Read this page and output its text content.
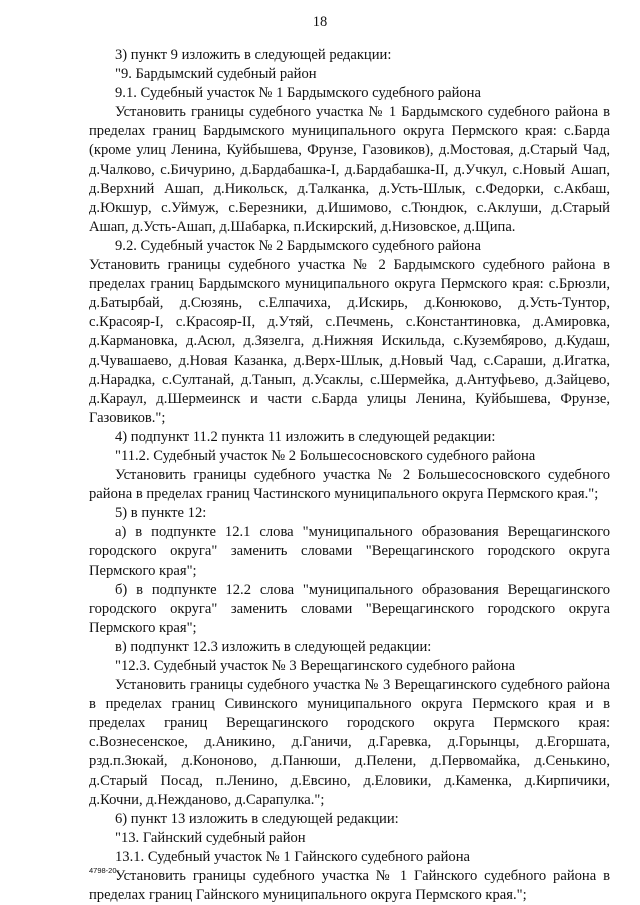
18

3) пункт 9 изложить в следующей редакции:

"9. Бардымский судебный район

9.1. Судебный участок № 1 Бардымского судебного района

Установить границы судебного участка № 1 Бардымского судебного района в пределах границ Бардымского муниципального округа Пермского края: с.Барда (кроме улиц Ленина, Куйбышева, Фрунзе, Газовиков), д.Мостовая, д.Старый Чад, д.Чалково, с.Бичурино, д.Бардабашка-I, д.Бардабашка-II, д.Учкул, с.Новый Ашап, д.Верхний Ашап, д.Никольск, д.Талканка, д.Усть-Шлык, с.Федорки, с.Акбаш, д.Юкшур, с.Уймуж, с.Березники, д.Ишимово, с.Тюндюк, с.Аклуши, д.Старый Ашап, д.Усть-Ашап, д.Шабарка, п.Искирский, д.Низовское, д.Щипа.

9.2. Судебный участок № 2 Бардымского судебного района

Установить границы судебного участка № 2 Бардымского судебного района в пределах границ Бардымского муниципального округа Пермского края: с.Брюзли, д.Батырбай, д.Сюзянь, с.Елпачиха, д.Искирь, д.Конюково, д.Усть-Тунтор, с.Красояр-I, с.Красояр-II, д.Утяй, с.Печмень, с.Константиновка, д.Амировка, д.Кармановка, д.Асюл, д.Зязелга, д.Нижняя Искильда, с.Кузембярово, д.Кудаш, д.Чувашаево, д.Новая Казанка, д.Верх-Шлык, д.Новый Чад, с.Сараши, д.Игатка, д.Нарадка, с.Султанай, д.Танып, д.Усаклы, с.Шермейка, д.Антуфьево, д.Зайцево, д.Караул, д.Шермеинск и части с.Барда улицы Ленина, Куйбышева, Фрунзе, Газовиков.";

4) подпункт 11.2 пункта 11 изложить в следующей редакции:

"11.2. Судебный участок № 2 Большесосновского судебного района

Установить границы судебного участка № 2 Большесосновского судебного района в пределах границ Частинского муниципального округа Пермского края.";

5) в пункте 12:

а) в подпункте 12.1 слова "муниципального образования Верещагинского городского округа" заменить словами "Верещагинского городского округа Пермского края";

б) в подпункте 12.2 слова "муниципального образования Верещагинского городского округа" заменить словами "Верещагинского городского округа Пермского края";

в) подпункт 12.3 изложить в следующей редакции:

"12.3. Судебный участок № 3 Верещагинского судебного района

Установить границы судебного участка № 3 Верещагинского судебного района в пределах границ Сивинского муниципального округа Пермского края и в пределах границ Верещагинского городского округа Пермского края: с.Вознесенское, д.Аникино, д.Ганичи, д.Гаревка, д.Горынцы, д.Егоршата, рзд.п.Зюкай, д.Кононово, д.Панюши, д.Пелени, д.Первомайка, д.Сенькино, д.Старый Посад, п.Ленино, д.Евсино, д.Еловики, д.Каменка, д.Кирпичики, д.Кочни, д.Нежданово, д.Сарапулка.";

6) пункт 13 изложить в следующей редакции:

"13. Гайнский судебный район

13.1. Судебный участок № 1 Гайнского судебного района

Установить границы судебного участка № 1 Гайнского судебного района в пределах границ Гайнского муниципального округа Пермского края.";

4798-20
